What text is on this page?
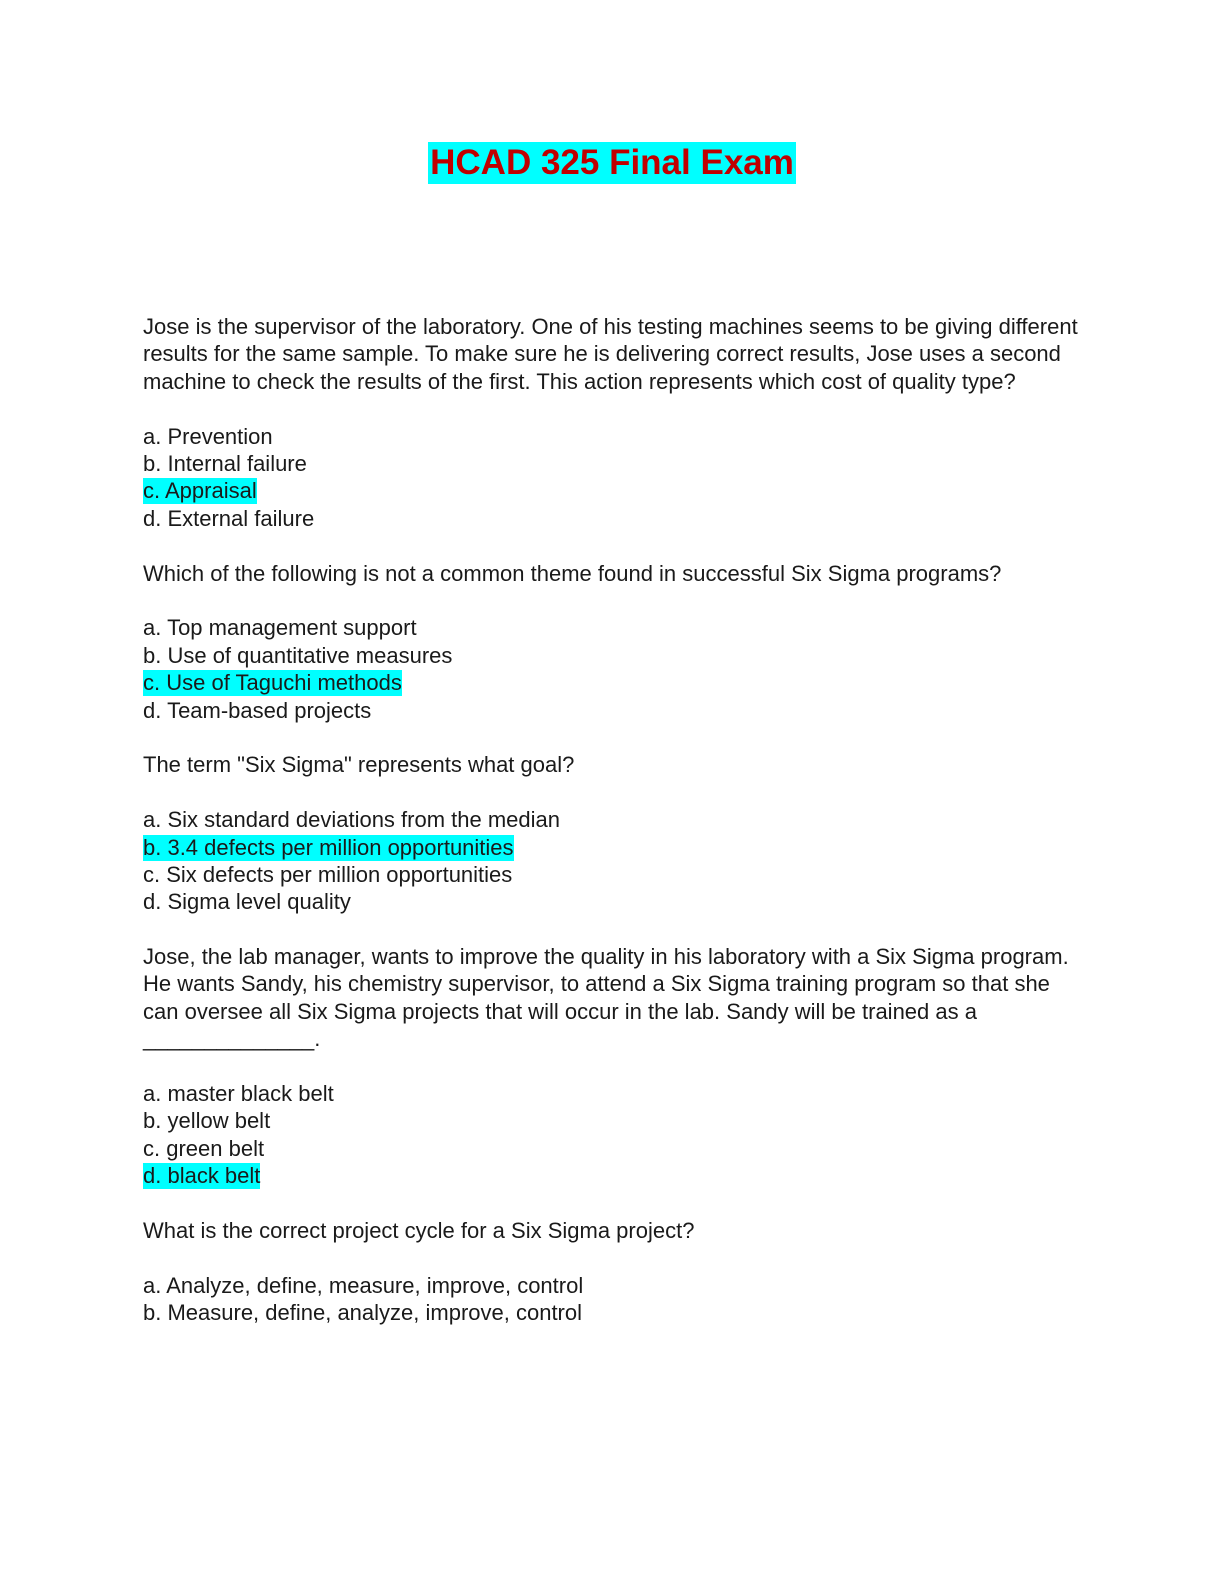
HCAD 325 Final Exam

Jose is the supervisor of the laboratory. One of his testing machines seems to be giving different results for the same sample. To make sure he is delivering correct results, Jose uses a second machine to check the results of the first. This action represents which cost of quality type?

a. Prevention
b. Internal failure
c. Appraisal
d. External failure

Which of the following is not a common theme found in successful Six Sigma programs?

a. Top management support
b. Use of quantitative measures
c. Use of Taguchi methods
d. Team-based projects

The term "Six Sigma" represents what goal?

a. Six standard deviations from the median
b. 3.4 defects per million opportunities
c. Six defects per million opportunities
d. Sigma level quality

Jose, the lab manager, wants to improve the quality in his laboratory with a Six Sigma program. He wants Sandy, his chemistry supervisor, to attend a Six Sigma training program so that she can oversee all Six Sigma projects that will occur in the lab. Sandy will be trained as a ______________.

a. master black belt
b. yellow belt
c. green belt
d. black belt

What is the correct project cycle for a Six Sigma project?

a. Analyze, define, measure, improve, control
b. Measure, define, analyze, improve, control
